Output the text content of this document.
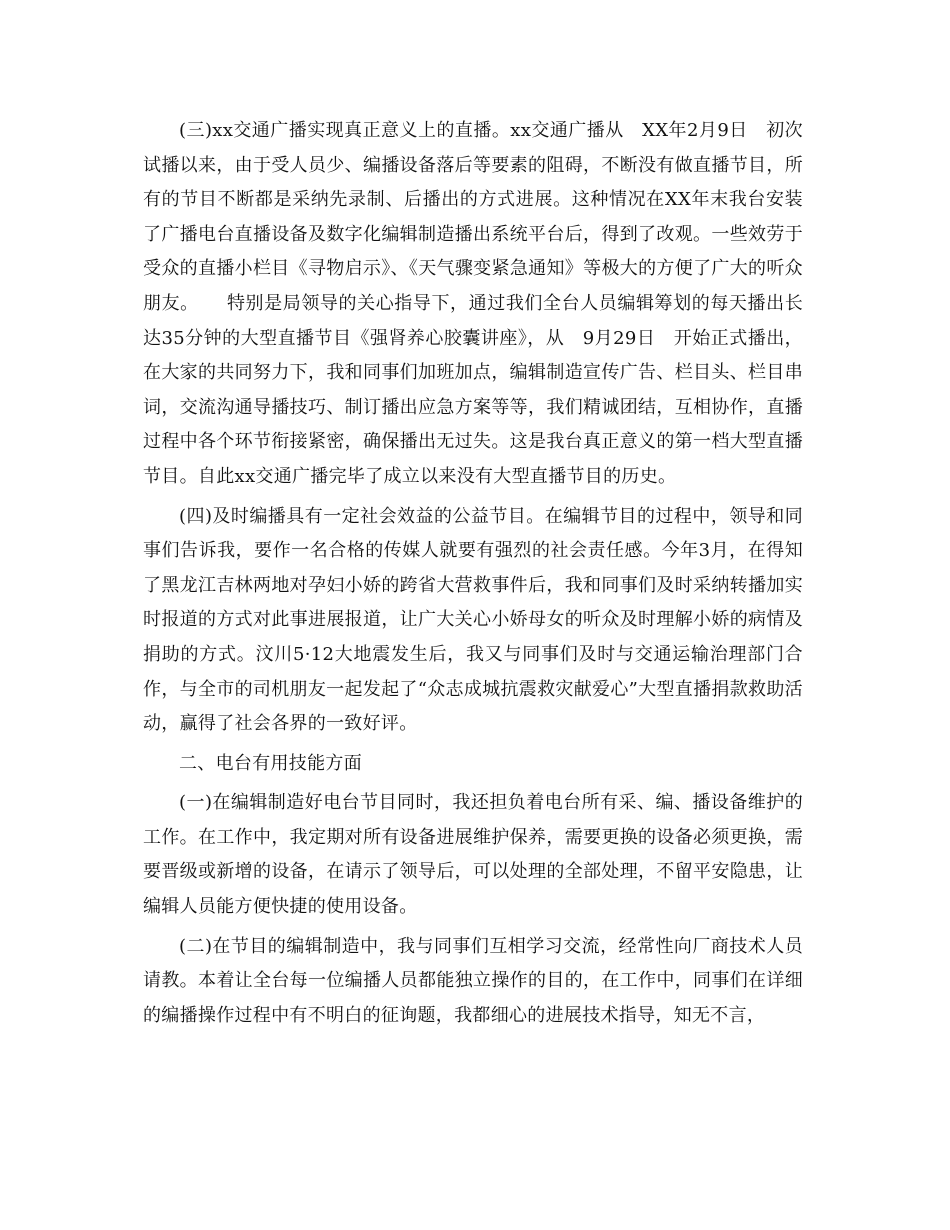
(三)xx交通广播实现真正意义上的直播。xx交通广播从　XX年2月9日　初次试播以来，由于受人员少、编播设备落后等要素的阻碍，不断没有做直播节目，所有的节目不断都是采纳先录制、后播出的方式进展。这种情况在XX年末我台安装了广播电台直播设备及数字化编辑制造播出系统平台后，得到了改观。一些效劳于受众的直播小栏目《寻物启示》、《天气骤变紧急通知》等极大的方便了广大的听众朋友。　　特别是局领导的关心指导下，通过我们全台人员编辑筹划的每天播出长达35分钟的大型直播节目《强肾养心胶囊讲座》，从　9月29日　开始正式播出，在大家的共同努力下，我和同事们加班加点，编辑制造宣传广告、栏目头、栏目串词，交流沟通导播技巧、制订播出应急方案等等，我们精诚团结，互相协作，直播过程中各个环节衔接紧密，确保播出无过失。这是我台真正意义的第一档大型直播节目。自此xx交通广播完毕了成立以来没有大型直播节目的历史。

(四)及时编播具有一定社会效益的公益节目。在编辑节目的过程中，领导和同事们告诉我，要作一名合格的传媒人就要有强烈的社会责任感。今年3月，在得知了黑龙江吉林两地对孕妇小娇的跨省大营救事件后，我和同事们及时采纳转播加实时报道的方式对此事进展报道，让广大关心小娇母女的听众及时理解小娇的病情及捐助的方式。汶川5·12大地震发生后，我又与同事们及时与交通运输治理部门合作，与全市的司机朋友一起发起了“众志成城抗震救灾献爱心”大型直播捐款救助活动，赢得了社会各界的一致好评。

二、电台有用技能方面

(一)在编辑制造好电台节目同时，我还担负着电台所有采、编、播设备维护的工作。在工作中，我定期对所有设备进展维护保养，需要更换的设备必须更换，需要晋级或新增的设备，在请示了领导后，可以处理的全部处理，不留平安隐患，让编辑人员能方便快捷的使用设备。

(二)在节目的编辑制造中，我与同事们互相学习交流，经常性向厂商技术人员请教。本着让全台每一位编播人员都能独立操作的目的，在工作中，同事们在详细的编播操作过程中有不明白的征询题，我都细心的进展技术指导，知无不言，
